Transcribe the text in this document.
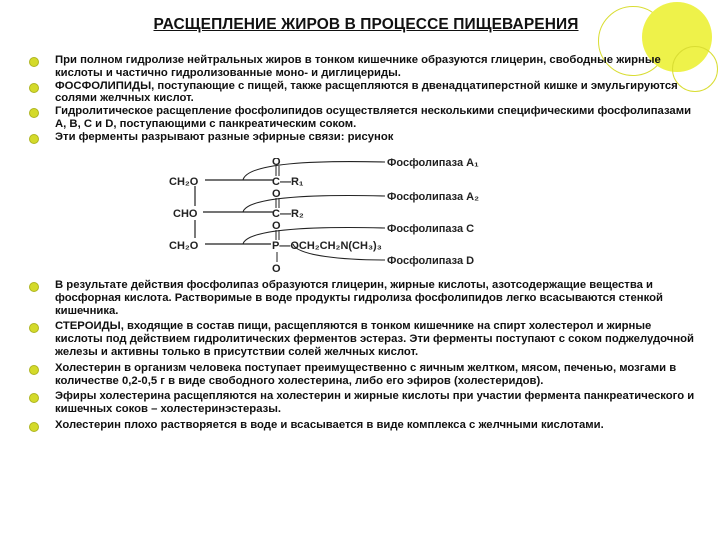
РАСЩЕПЛЕНИЕ ЖИРОВ В ПРОЦЕССЕ ПИЩЕВАРЕНИЯ

При полном гидролизе нейтральных жиров в тонком кишечнике образуются глицерин, свободные жирные кислоты и частично гидролизованные моно- и диглицериды.

ФОСФОЛИПИДЫ, поступающие с пищей, также расщепляются в двенадцатиперстной кишке и эмульгируются солями желчных кислот.

Гидролитическое расщепление фосфолипидов осуществляется несколькими специфическими фосфолипазами А, В, С и D, поступающими с панкреатическим соком.

Эти ферменты разрывают разные эфирные связи: рисунок

CH₂O	C—R₁
O
CHO	C—R₂
O
CH₂O	P—OCH₂CH₂N(CH₃)₃
O
O
Фосфолипаза A₁
Фосфолипаза A₂
Фосфолипаза C
Фосфолипаза D

В результате действия фосфолипаз образуются глицерин, жирные кислоты, азотсодержащие вещества и фосфорная кислота. Растворимые в воде продукты гидролиза фосфолипидов легко всасываются стенкой кишечника.

СТЕРОИДЫ, входящие в состав пищи, расщепляются в тонком кишечнике на спирт холестерол и жирные кислоты под действием гидролитических ферментов эстераз. Эти ферменты поступают с соком поджелудочной железы и активны только в присутствии солей желчных кислот.

Холестерин в организм человека поступает преимущественно с яичным желтком, мясом, печенью, мозгами в количестве 0,2-0,5 г в виде свободного холестерина, либо его эфиров (холестеридов).

Эфиры холестерина расщепляются на холестерин и жирные кислоты при участии фермента панкреатического и кишечных соков – холестеринэстеразы.

Холестерин плохо растворяется в воде и всасывается в виде комплекса с желчными кислотами.
